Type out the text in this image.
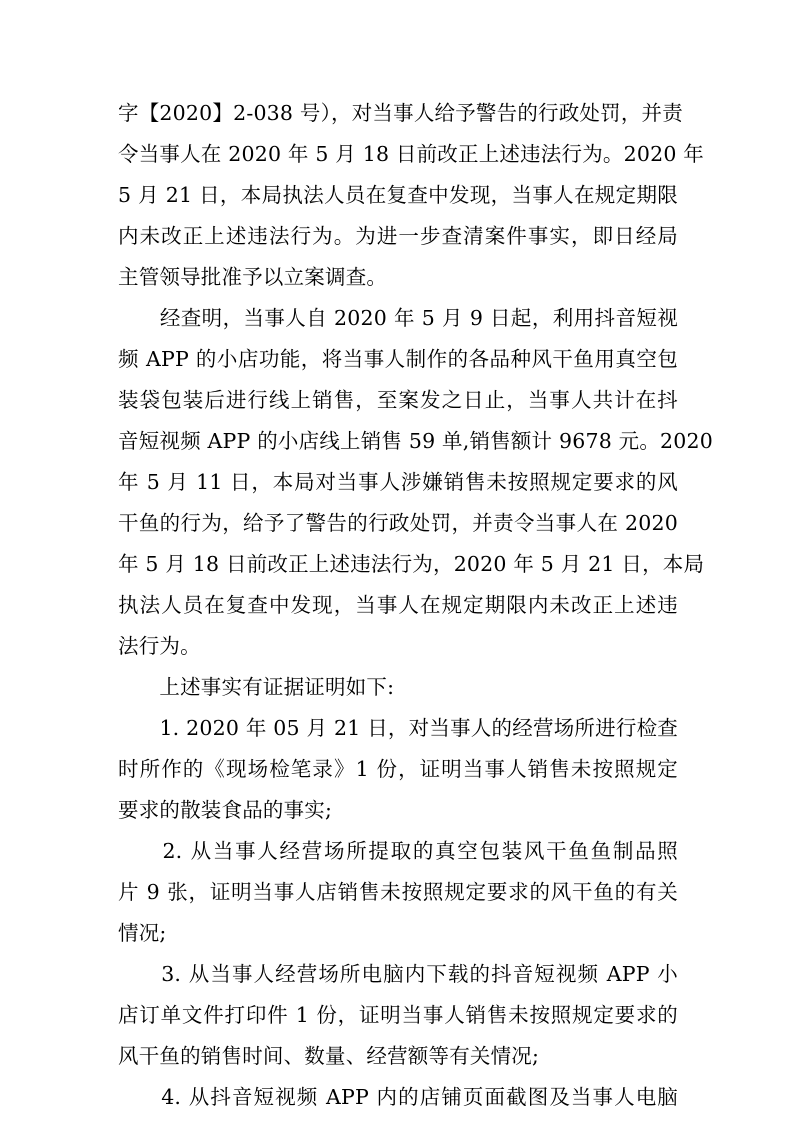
字【2020】2-038 号），对当事人给予警告的行政处罚，并责
令当事人在 2020 年 5 月 18 日前改正上述违法行为。2020 年
5 月 21 日，本局执法人员在复查中发现，当事人在规定期限
内未改正上述违法行为。为进一步查清案件事实，即日经局
主管领导批准予以立案调查。
　　经查明，当事人自 2020 年 5 月 9 日起，利用抖音短视
频 APP 的小店功能，将当事人制作的各品种风干鱼用真空包
装袋包装后进行线上销售，至案发之日止，当事人共计在抖
音短视频 APP 的小店线上销售 59 单,销售额计 9678 元。2020
年 5 月 11 日，本局对当事人涉嫌销售未按照规定要求的风
干鱼的行为，给予了警告的行政处罚，并责令当事人在 2020
年 5 月 18 日前改正上述违法行为，2020 年 5 月 21 日，本局
执法人员在复查中发现，当事人在规定期限内未改正上述违
法行为。
　　上述事实有证据证明如下:
　　1. 2020 年 05 月 21 日，对当事人的经营场所进行检查
时所作的《现场检笔录》1 份，证明当事人销售未按照规定
要求的散装食品的事实;
　　2. 从当事人经营场所提取的真空包装风干鱼鱼制品照
片 9 张，证明当事人店销售未按照规定要求的风干鱼的有关
情况;
　　3. 从当事人经营场所电脑内下载的抖音短视频 APP 小
店订单文件打印件 1 份，证明当事人销售未按照规定要求的
风干鱼的销售时间、数量、经营额等有关情况;
　　4. 从抖音短视频 APP 内的店铺页面截图及当事人电脑
